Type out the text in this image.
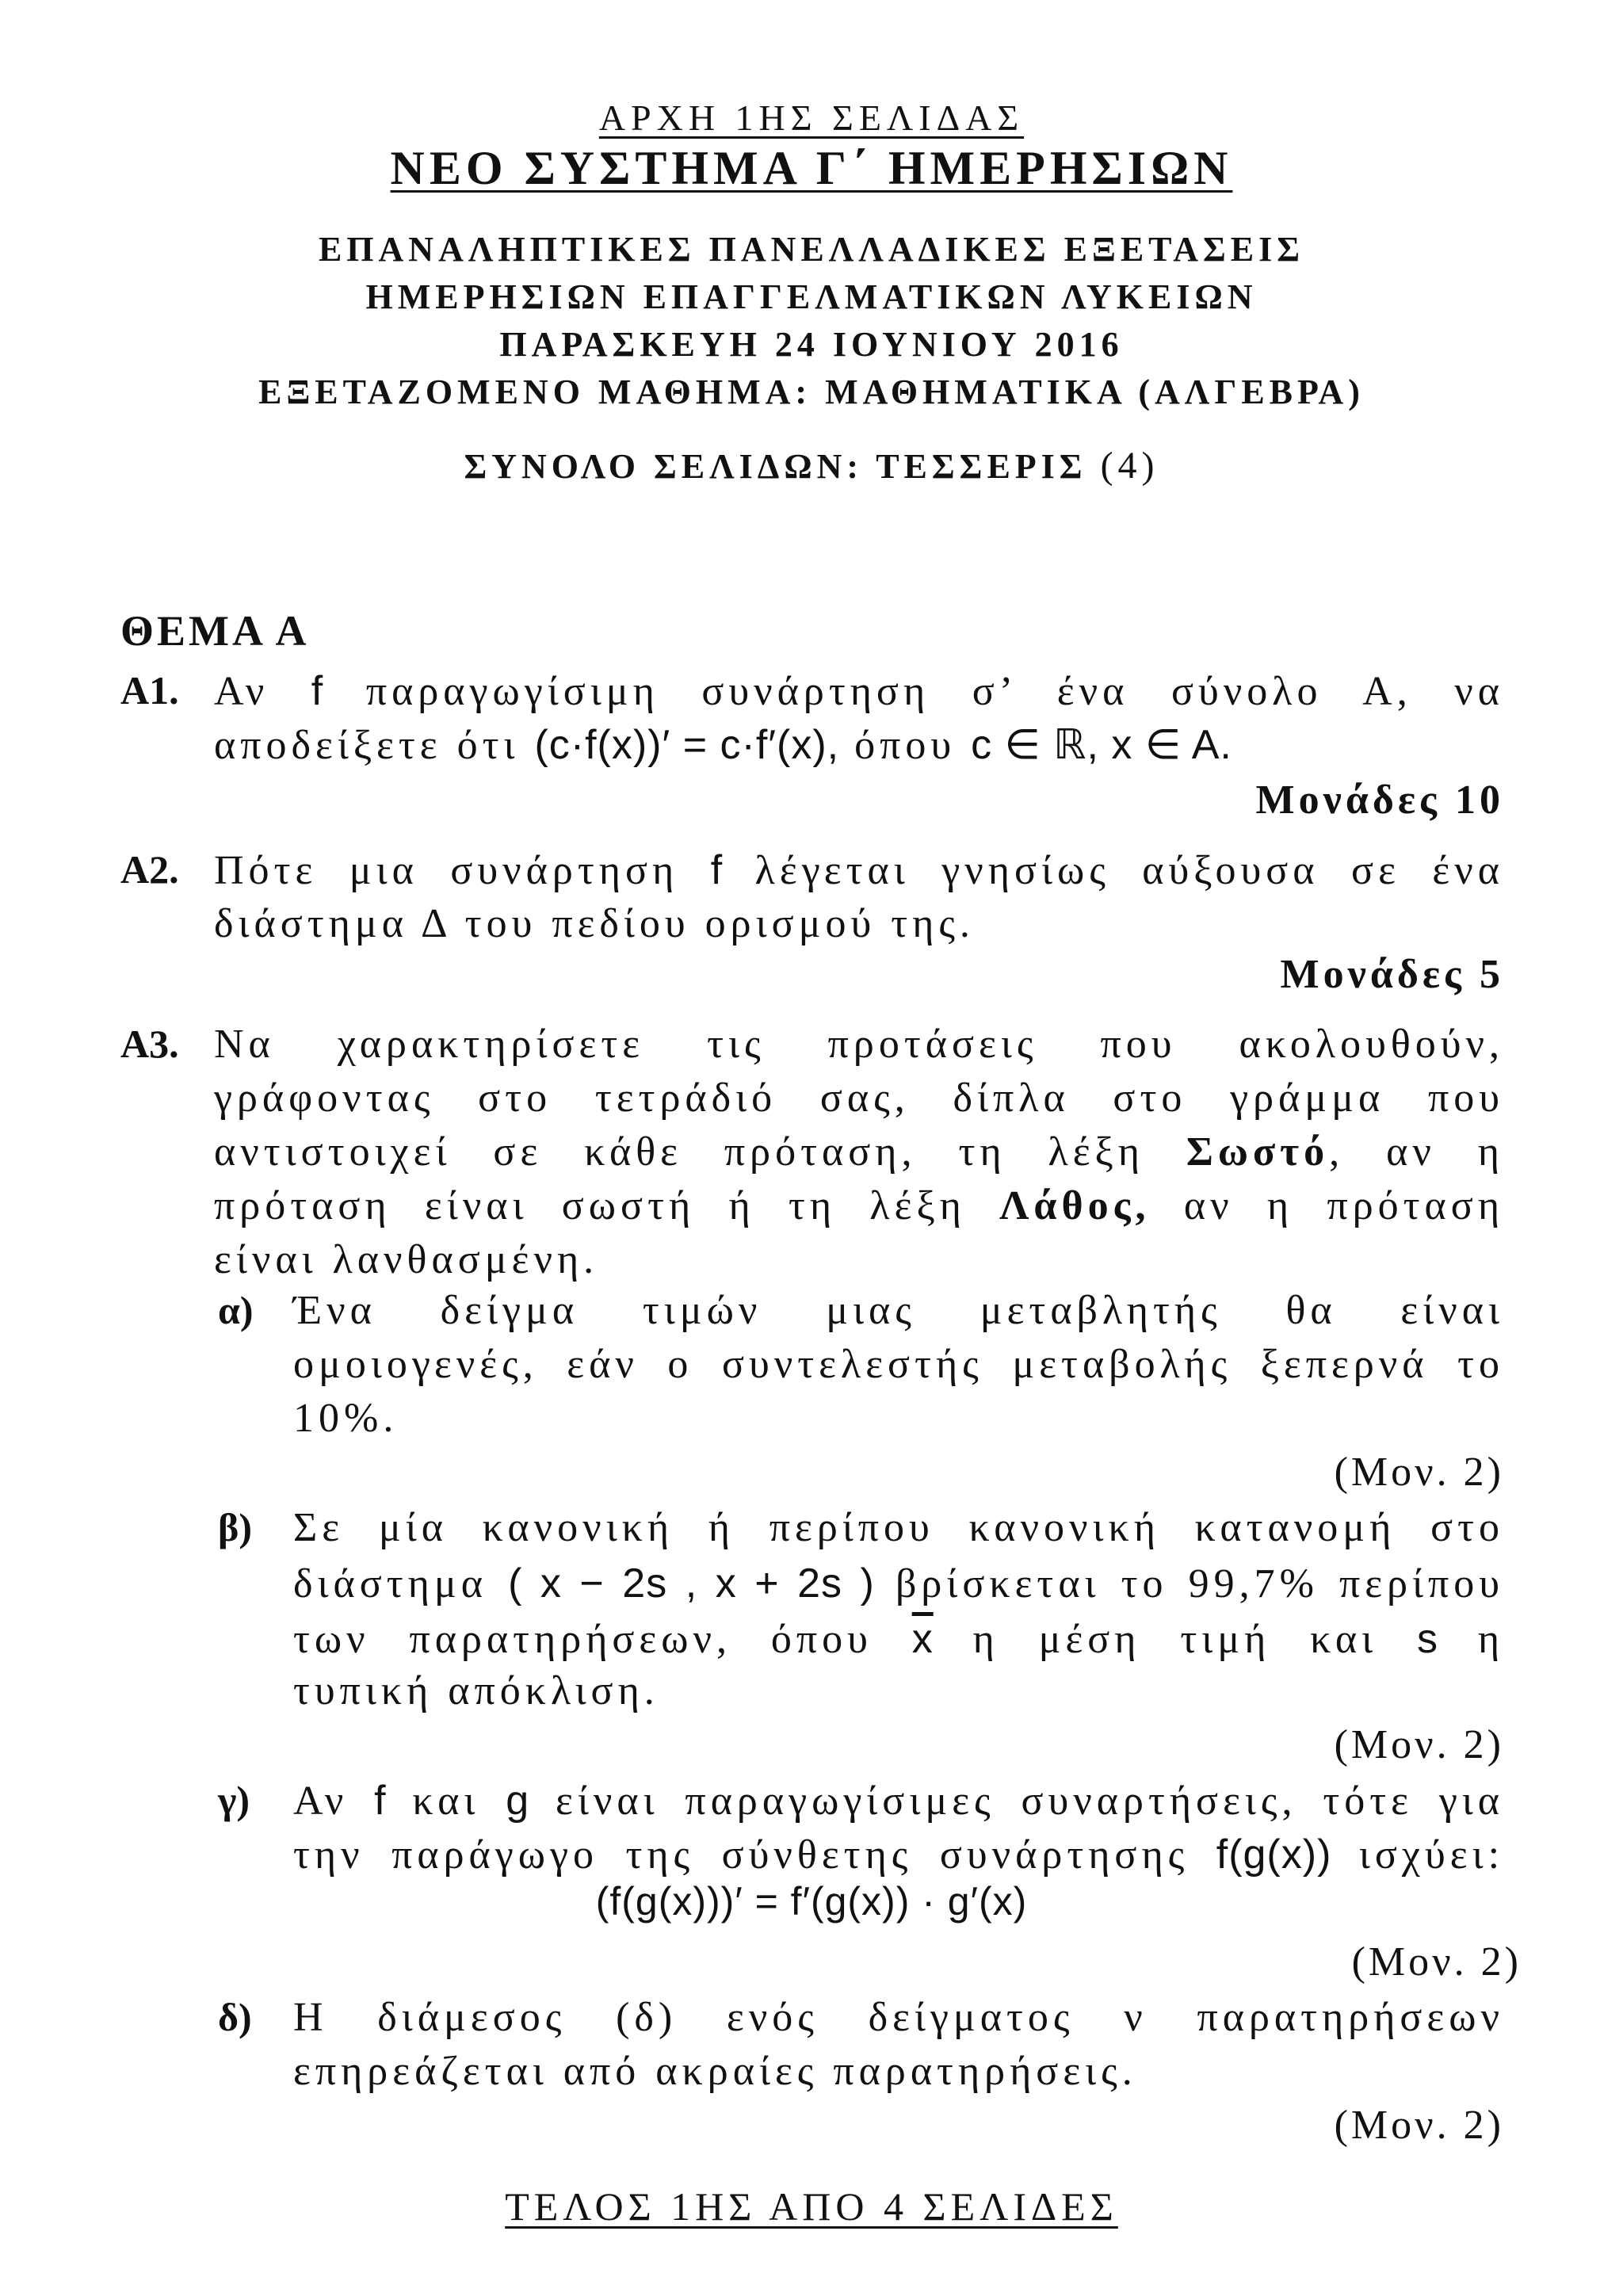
ΑΡΧΗ 1ΗΣ ΣΕΛΙΔΑΣ
ΝΕΟ ΣΥΣΤΗΜΑ Γ΄ ΗΜΕΡΗΣΙΩΝ
ΕΠΑΝΑΛΗΠΤΙΚΕΣ ΠΑΝΕΛΛΑΔΙΚΕΣ ΕΞΕΤΑΣΕΙΣ
ΗΜΕΡΗΣΙΩΝ ΕΠΑΓΓΕΛΜΑΤΙΚΩΝ ΛΥΚΕΙΩΝ
ΠΑΡΑΣΚΕΥΗ 24 ΙΟΥΝΙΟΥ 2016
ΕΞΕΤΑΖΟΜΕΝΟ ΜΑΘΗΜΑ: ΜΑΘΗΜΑΤΙΚΑ (ΑΛΓΕΒΡΑ)
ΣΥΝΟΛΟ ΣΕΛΙΔΩΝ: ΤΕΣΣΕΡΙΣ (4)
ΘΕΜΑ Α
Α1. Αν f παραγωγίσιμη συνάρτηση σ’ ένα σύνολο Α, να
αποδείξετε ότι (c·f(x))′ = c·f′(x), όπου c ∈ ℝ, x ∈ A.
Μονάδες 10
Α2. Πότε μια συνάρτηση f λέγεται γνησίως αύξουσα σε ένα
διάστημα Δ του πεδίου ορισμού της.
Μονάδες 5
Α3. Να χαρακτηρίσετε τις προτάσεις που ακολουθούν,
γράφοντας στο τετράδιό σας, δίπλα στο γράμμα που
αντιστοιχεί σε κάθε πρόταση, τη λέξη Σωστό, αν η
πρόταση είναι σωστή ή τη λέξη Λάθος, αν η πρόταση
είναι λανθασμένη.
α) Ένα δείγμα τιμών μιας μεταβλητής θα είναι
ομοιογενές, εάν ο συντελεστής μεταβολής ξεπερνά το
10%.
(Μον. 2)
β) Σε μία κανονική ή περίπου κανονική κατανομή στο
διάστημα ( x − 2s , x + 2s ) βρίσκεται το 99,7% περίπου
των παρατηρήσεων, όπου $\overline{x}$ η μέση τιμή και s η
τυπική απόκλιση.
(Μον. 2)
γ) Αν f και g είναι παραγωγίσιμες συναρτήσεις, τότε για
την παράγωγο της σύνθετης συνάρτησης f(g(x)) ισχύει:
(f(g(x)))′ = f′(g(x)) · g′(x)
(Μον. 2)
δ) Η διάμεσος (δ) ενός δείγματος ν παρατηρήσεων
επηρεάζεται από ακραίες παρατηρήσεις.
(Μον. 2)
ΤΕΛΟΣ 1ΗΣ ΑΠΟ 4 ΣΕΛΙΔΕΣ
